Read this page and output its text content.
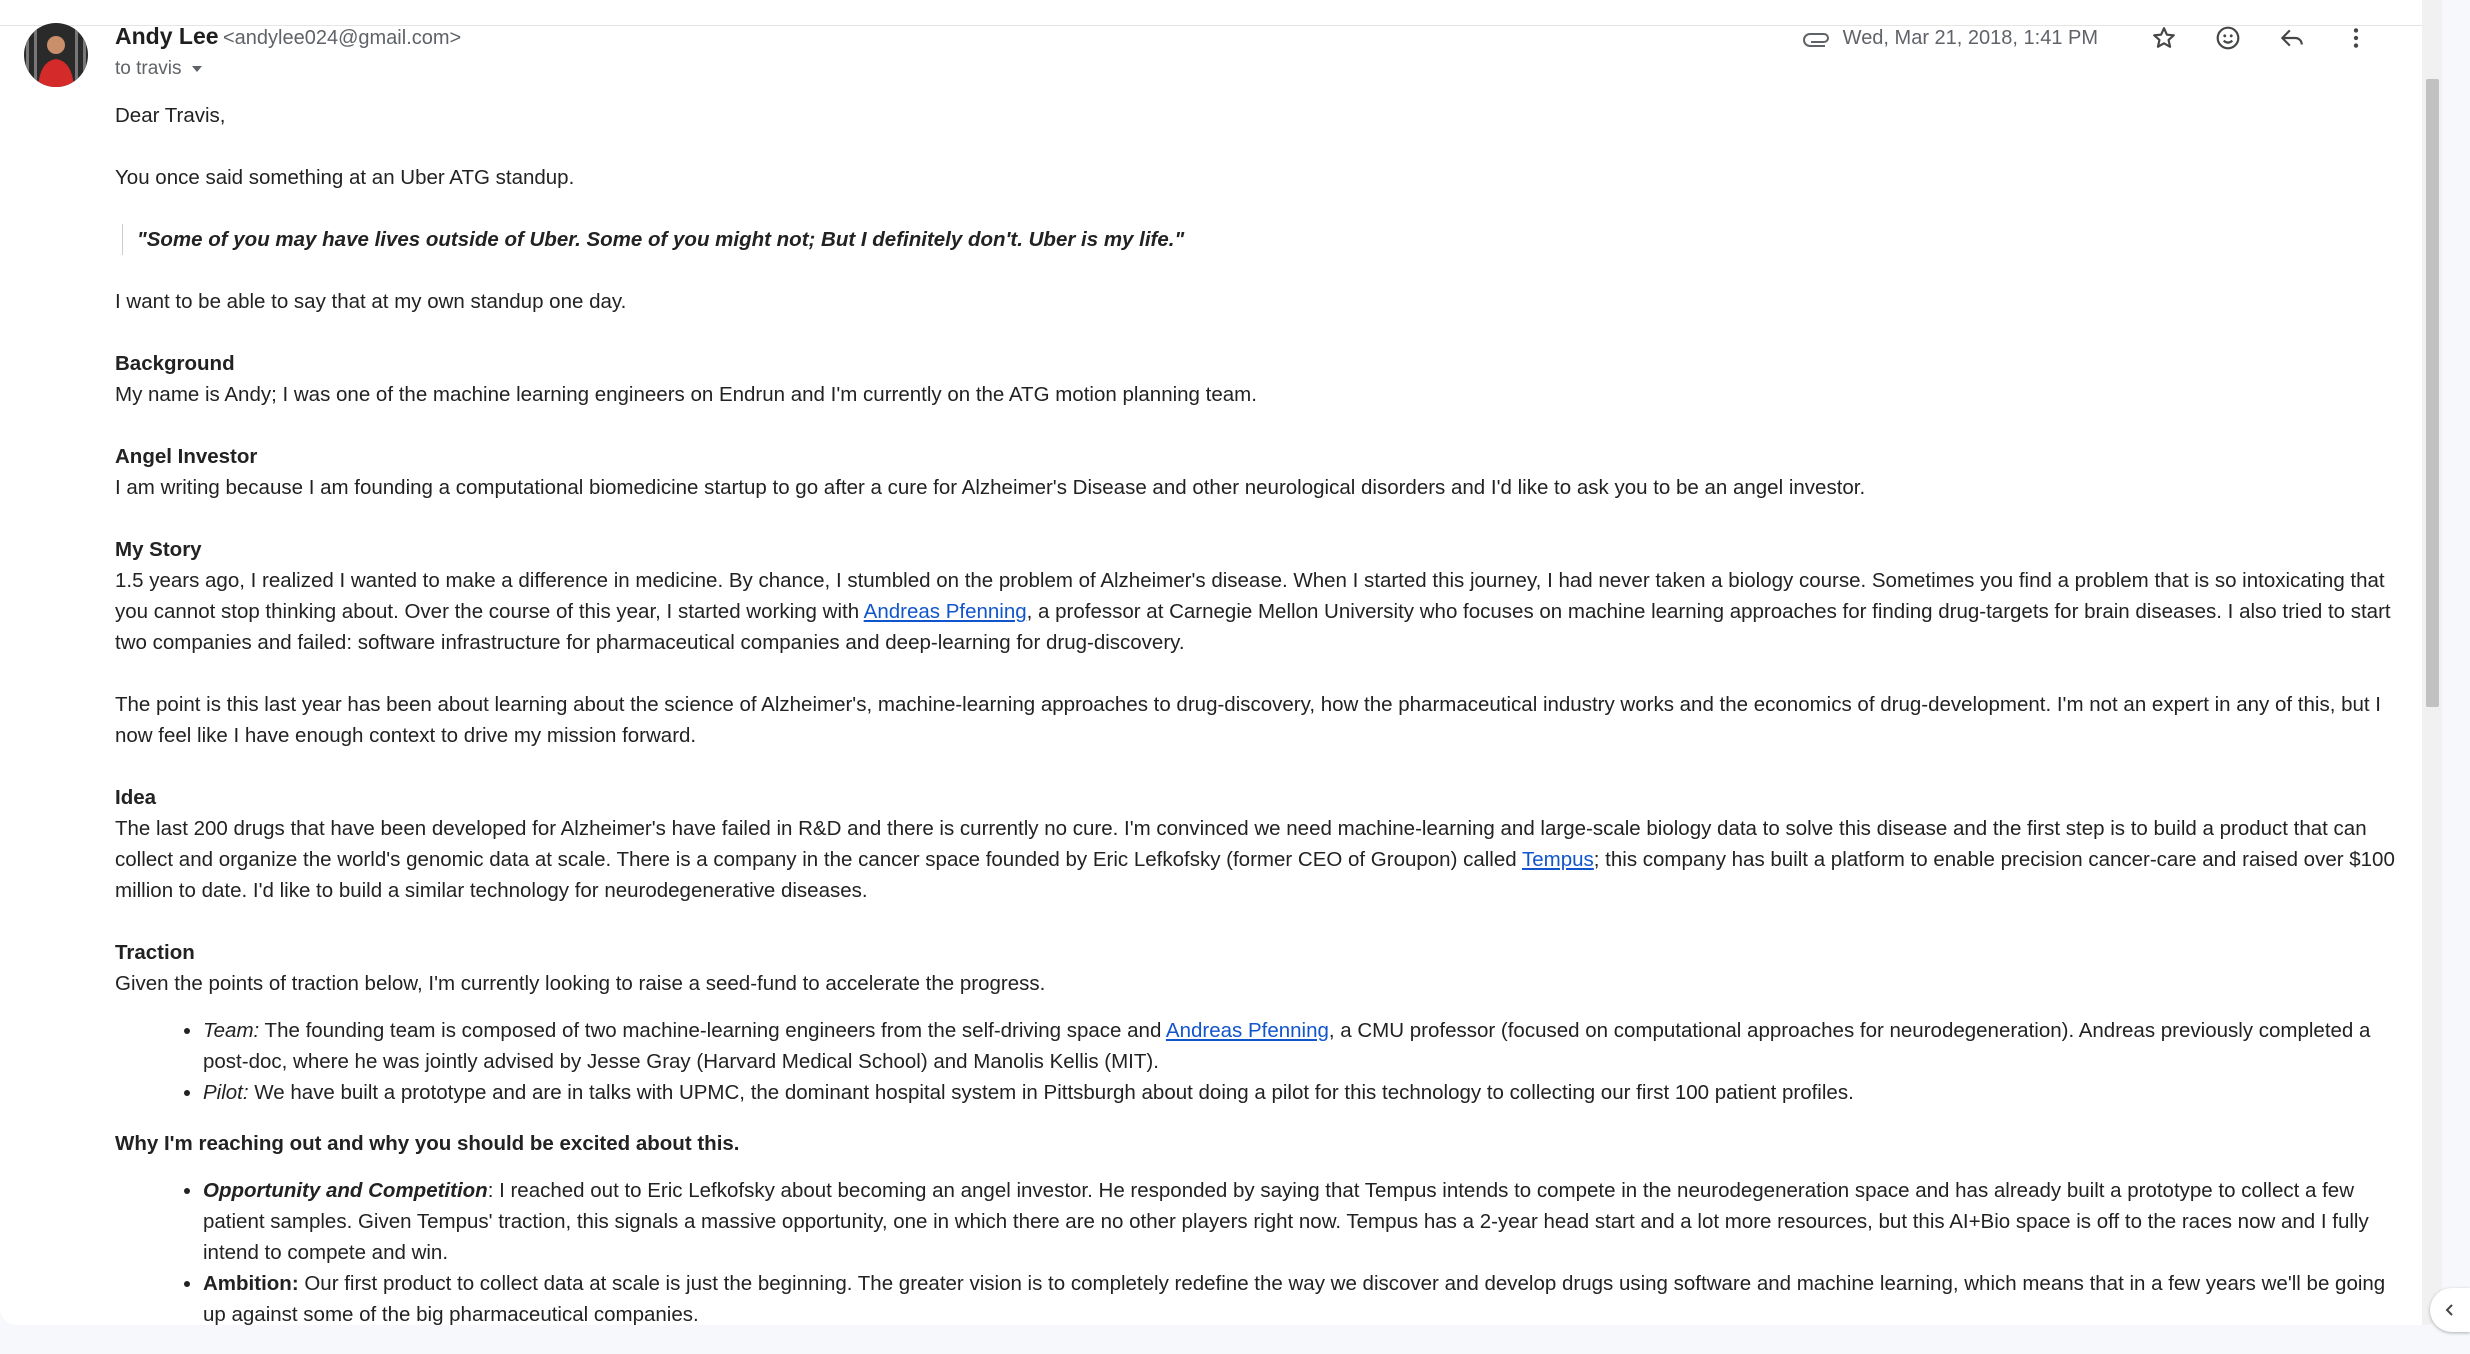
Andy Lee <andylee024@gmail.com>
to travis
Wed, Mar 21, 2018, 1:41 PM

Dear Travis,

You once said something at an Uber ATG standup.

"Some of you may have lives outside of Uber. Some of you might not; But I definitely don't. Uber is my life."

I want to be able to say that at my own standup one day.

Background
My name is Andy; I was one of the machine learning engineers on Endrun and I'm currently on the ATG motion planning team.
Angel Investor
I am writing because I am founding a computational biomedicine startup to go after a cure for Alzheimer's Disease and other neurological disorders and I'd like to ask you to be an angel investor.
My Story
1.5 years ago, I realized I wanted to make a difference in medicine. By chance, I stumbled on the problem of Alzheimer's disease. When I started this journey, I had never taken a biology course. Sometimes you find a problem that is so intoxicating that you cannot stop thinking about. Over the course of this year, I started working with Andreas Pfenning, a professor at Carnegie Mellon University who focuses on machine learning approaches for finding drug-targets for brain diseases. I also tried to start two companies and failed: software infrastructure for pharmaceutical companies and deep-learning for drug-discovery.

The point is this last year has been about learning about the science of Alzheimer's, machine-learning approaches to drug-discovery, how the pharmaceutical industry works and the economics of drug-development. I'm not an expert in any of this, but I now feel like I have enough context to drive my mission forward.

Idea
The last 200 drugs that have been developed for Alzheimer's have failed in R&D and there is currently no cure. I'm convinced we need machine-learning and large-scale biology data to solve this disease and the first step is to build a product that can collect and organize the world's genomic data at scale. There is a company in the cancer space founded by Eric Lefkofsky (former CEO of Groupon) called Tempus; this company has built a platform to enable precision cancer-care and raised over $100 million to date. I'd like to build a similar technology for neurodegenerative diseases.
Traction
Given the points of traction below, I'm currently looking to raise a seed-fund to accelerate the progress.
• Team: The founding team is composed of two machine-learning engineers from the self-driving space and Andreas Pfenning, a CMU professor (focused on computational approaches for neurodegeneration). Andreas previously completed a post-doc, where he was jointly advised by Jesse Gray (Harvard Medical School) and Manolis Kellis (MIT).
• Pilot: We have built a prototype and are in talks with UPMC, the dominant hospital system in Pittsburgh about doing a pilot for this technology to collecting our first 100 patient profiles.
Why I'm reaching out and why you should be excited about this.
• Opportunity and Competition: I reached out to Eric Lefkofsky about becoming an angel investor. He responded by saying that Tempus intends to compete in the neurodegeneration space and has already built a prototype to collect a few patient samples. Given Tempus' traction, this signals a massive opportunity, one in which there are no other players right now. Tempus has a 2-year head start and a lot more resources, but this AI+Bio space is off to the races now and I fully intend to compete and win.
• Ambition: Our first product to collect data at scale is just the beginning. The greater vision is to completely redefine the way we discover and develop drugs using software and machine learning, which means that in a few years we'll be going up against some of the big pharmaceutical companies.
